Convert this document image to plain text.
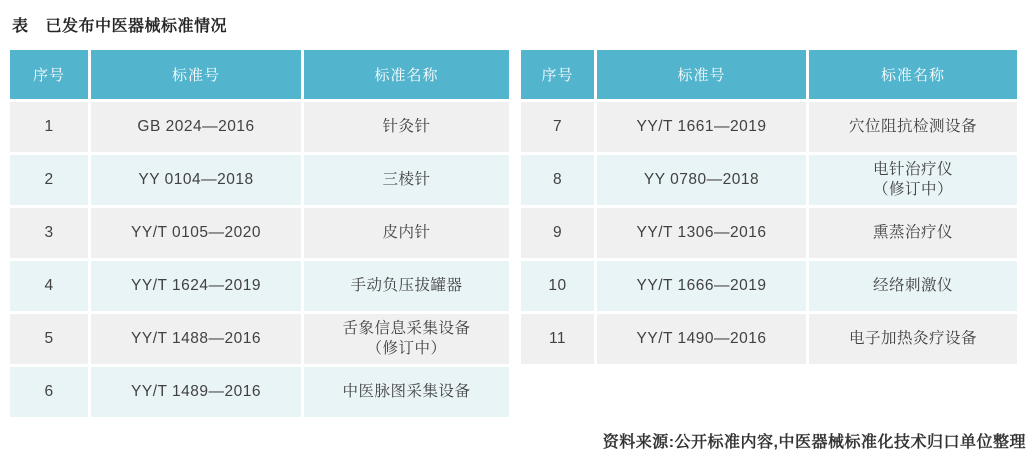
表 已发布中医器械标准情况
序号	标准号	标准名称
1	GB 2024—2016	针灸针

2	YY 0104—2018	三棱针

3	YY/T 0105—2020	皮内针

4	YY/T 1624—2019	手动负压拔罐器

5	YY/T 1488—2016	舌象信息采集设备
（修订中）

6	YY/T 1489—2016	中医脉图采集设备
序号	标准号	标准名称
7	YY/T 1661—2019	穴位阻抗检测设备

8	YY 0780—2018	电针治疗仪
（修订中）

9	YY/T 1306—2016	熏蒸治疗仪

10	YY/T 1666—2019	经络刺激仪

11	YY/T 1490—2016	电子加热灸疗设备
资料来源:公开标准内容,中医器械标准化技术归口单位整理
